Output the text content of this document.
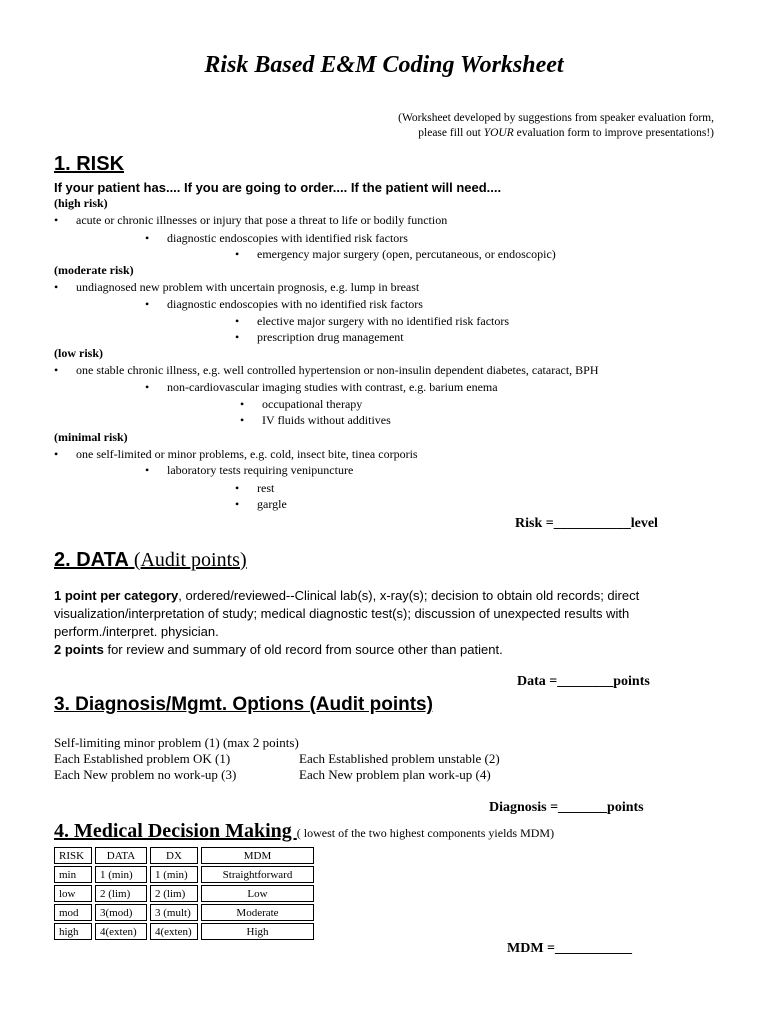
Risk Based E&M Coding Worksheet
(Worksheet developed by suggestions from speaker evaluation form,
please fill out YOUR evaluation form to improve presentations!)
1. RISK
If your patient has.... If you are going to order.... If the patient will need....
(high risk)
• acute or chronic illnesses or injury that pose a threat to life or bodily function
• diagnostic endoscopies with identified risk factors
• emergency major surgery (open, percutaneous, or endoscopic)
(moderate risk)
• undiagnosed new problem with uncertain prognosis, e.g. lump in breast
• diagnostic endoscopies with no identified risk factors
• elective major surgery with no identified risk factors
• prescription drug management
(low risk)
• one stable chronic illness, e.g. well controlled hypertension or non-insulin dependent diabetes, cataract, BPH
• non-cardiovascular imaging studies with contrast, e.g. barium enema
• occupational therapy
• IV fluids without additives
(minimal risk)
• one self-limited or minor problems, e.g. cold, insect bite, tinea corporis
• laboratory tests requiring venipuncture
• rest
• gargle
Risk =___________level
2. DATA (Audit points)
1 point per category, ordered/reviewed--Clinical lab(s), x-ray(s); decision to obtain old records; direct visualization/interpretation of study; medical diagnostic test(s); discussion of unexpected results with perform./interpret. physician.
2 points for review and summary of old record from source other than patient.
Data =________points
3. Diagnosis/Mgmt. Options (Audit points)
Self-limiting minor problem (1) (max 2 points)
Each Established problem OK (1)	Each Established problem unstable (2)
Each New problem no work-up (3)	Each New problem plan work-up (4)
Diagnosis =_______points
4. Medical Decision Making ( lowest of the two highest components yields MDM)
RISK	DATA	DX	MDM
min	1 (min)	1 (min)	Straightforward
low	2 (lim)	2 (lim)	Low
mod	3(mod)	3 (mult)	Moderate
high	4(exten)	4(exten)	High
MDM =___________
